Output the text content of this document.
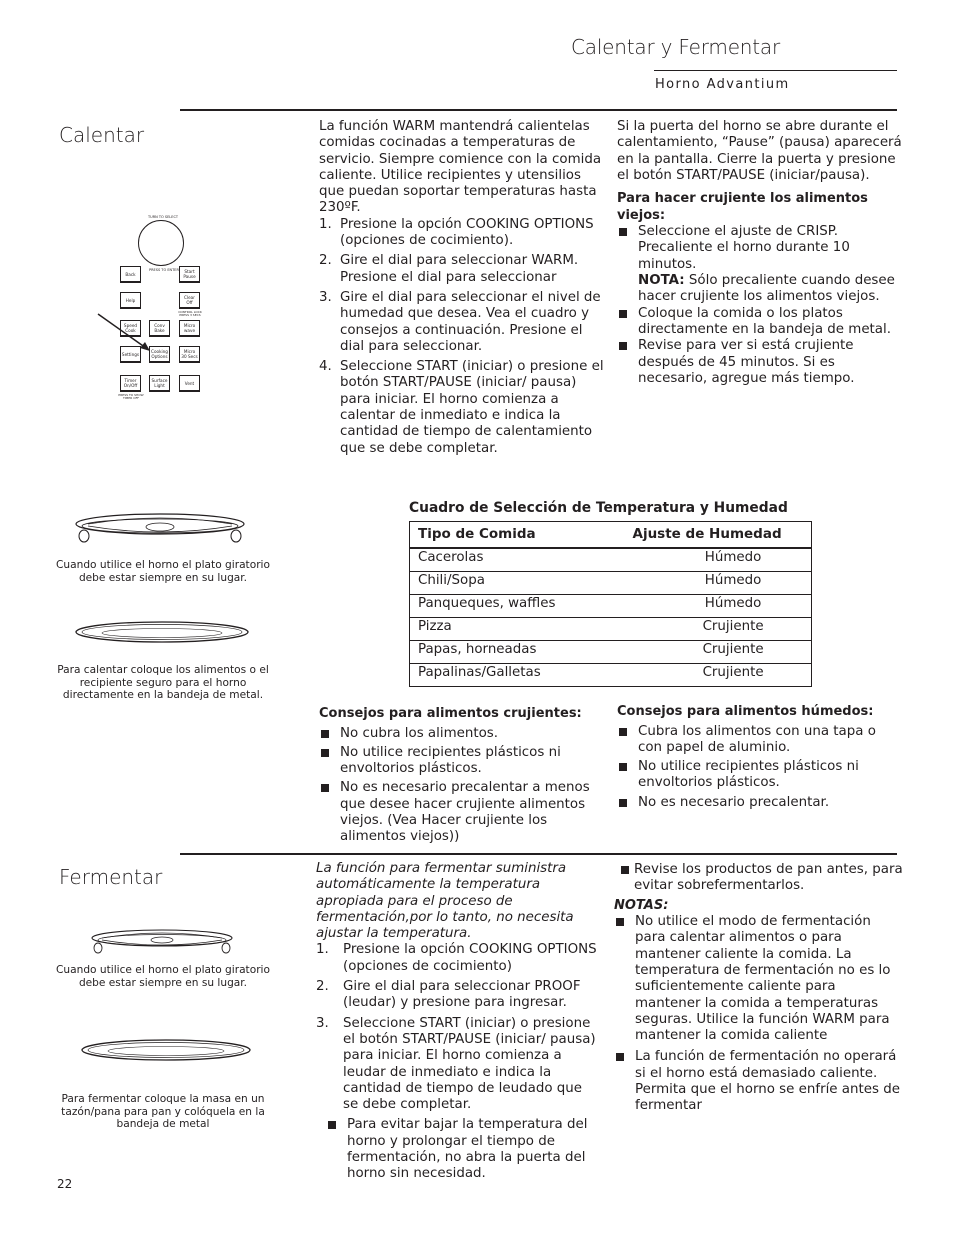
Calentar y Fermentar
Horno Advantium
Calentar
TURN TO SELECT
PRESS TO ENTER
Back	Start Pause
Help	Clear Off
CONTROL LOCK PRESS 3 SECS
Speed Cook
Conv Bake
Micro wave
Settings	Cooking Options
Micro 30 Secs
Timer On/Off
PRESS TO SHOW TIMER OFF
Surface Light	Vent
Cuando utilice el horno el plato giratorio debe estar siempre en su lugar.
Para calentar coloque los alimentos o el recipiente seguro para el horno directamente en la bandeja de metal.

La función WARM mantendrá calientelas comidas cocinadas a temperaturas de servicio. Siempre comience con la comida caliente. Utilice recipientes y utensilios que puedan soportar temperaturas hasta 230ºF.

1. Presione la opción COOKING OPTIONS (opciones de cocimiento).
2. Gire el dial para seleccionar WARM. Presione el dial para seleccionar
3. Gire el dial para seleccionar el nivel de humedad que desea. Vea el cuadro y consejos a continuación. Presione el dial para seleccionar.
4. Seleccione START (iniciar) o presione el botón START/PAUSE (iniciar/ pausa) para iniciar. El horno comienza a calentar de inmediato e indica la cantidad de tiempo de calentamiento que se debe completar.

Si la puerta del horno se abre durante el calentamiento, “Pause” (pausa) aparecerá en la pantalla. Cierre la puerta y presione el botón START/PAUSE (iniciar/pausa).

Para hacer crujiente los alimentos viejos:

Seleccione el ajuste de CRISP. Precaliente el horno durante 10 minutos.
NOTA: Sólo precaliente cuando desee hacer crujiente los alimentos viejos.
Coloque la comida o los platos directamente en la bandeja de metal.
Revise para ver si está crujiente después de 45 minutos. Si es necesario, agregue más tiempo.
Cuadro de Selección de Temperatura y Humedad
Tipo de Comida	Ajuste de Humedad
Cacerolas	Húmedo
Chili/Sopa	Húmedo
Panqueques, waffles	Húmedo
Pizza	Crujiente
Papas, horneadas	Crujiente
Papalinas/Galletas	Crujiente

Consejos para alimentos crujientes:

No cubra los alimentos.
No utilice recipientes plásticos ni envoltorios plásticos.
No es necesario precalentar a menos que desee hacer crujiente alimentos viejos. (Vea Hacer crujiente los alimentos viejos))

Consejos para alimentos húmedos:

Cubra los alimentos con una tapa o con papel de aluminio.
No utilice recipientes plásticos ni envoltorios plásticos.
No es necesario precalentar.
Fermentar
Cuando utilice el horno el plato giratorio debe estar siempre en su lugar.
Para fermentar coloque la masa en un tazón/pana para pan y colóquela en la bandeja de metal

La función para fermentar suministra automáticamente la temperatura apropiada para el proceso de fermentación,por lo tanto, no necesita ajustar la temperatura.

1. Presione la opción COOKING OPTIONS (opciones de cocimiento)
2. Gire el dial para seleccionar PROOF (leudar) y presione para ingresar.
3. Seleccione START (iniciar) o presione el botón START/PAUSE (iniciar/ pausa) para iniciar. El horno comienza a leudar de inmediato e indica la cantidad de tiempo de leudado que se debe completar.
Para evitar bajar la temperatura del horno y prolongar el tiempo de fermentación, no abra la puerta del horno sin necesidad.
Revise los productos de pan antes, para evitar sobrefermentarlos.

NOTAS:

No utilice el modo de fermentación para calentar alimentos o para mantener caliente la comida. La temperatura de fermentación no es lo suficientemente caliente para mantener la comida a temperaturas seguras. Utilice la función WARM para mantener la comida caliente
La función de fermentación no operará si el horno está demasiado caliente. Permita que el horno se enfríe antes de fermentar
22
